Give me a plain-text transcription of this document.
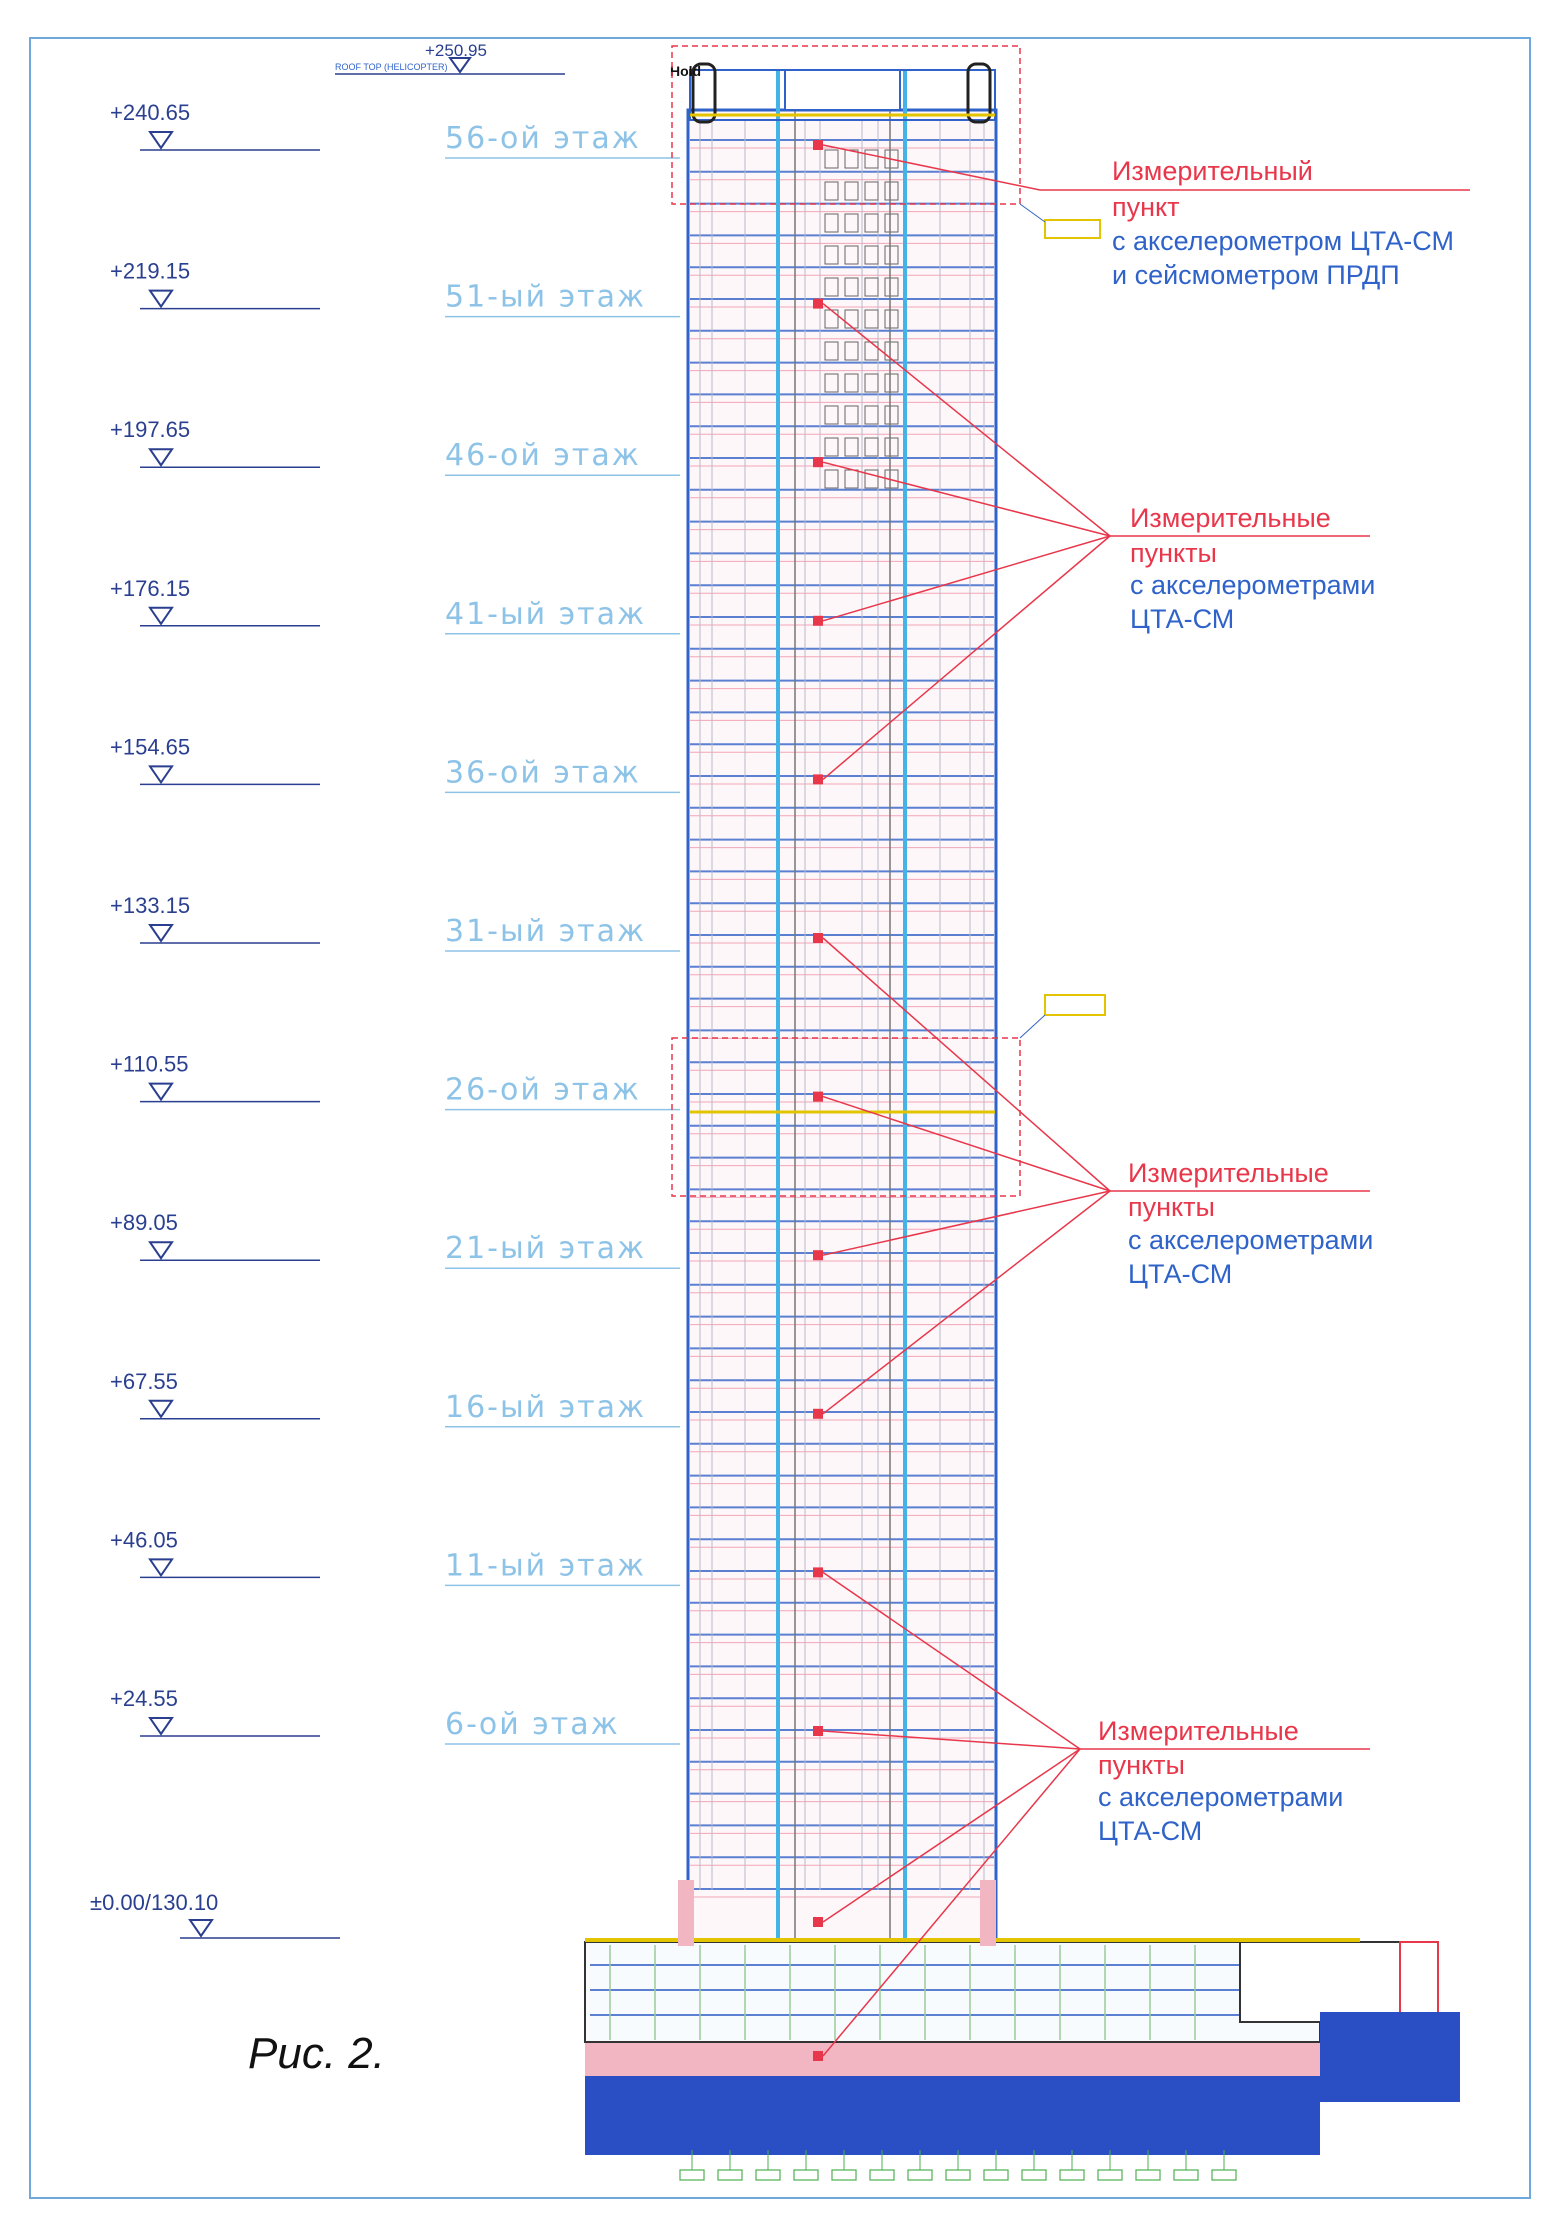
+240.65
+219.15
+197.65
+176.15
+154.65
+133.15
+110.55
+89.05
+67.55
+46.05
+24.55
56-ой этаж
51-ый этаж
46-ой этаж
41-ый этаж
36-ой этаж
31-ый этаж
26-ой этаж
21-ый этаж
16-ый этаж
11-ый этаж
6-ой этаж
+250.95
ROOF TOP (HELICOPTER)	Hold
Измерительный
пункт
с акселерометром ЦТА-СМ
и сейсмометром ПРДП
Измерительные
пункты
с акселерометрами
ЦТА-СМ
Измерительные
пункты
с акселерометрами
ЦТА-СМ
Измерительные
пункты
с акселерометрами
ЦТА-СМ
±0.00/130.10
Рис. 2.
